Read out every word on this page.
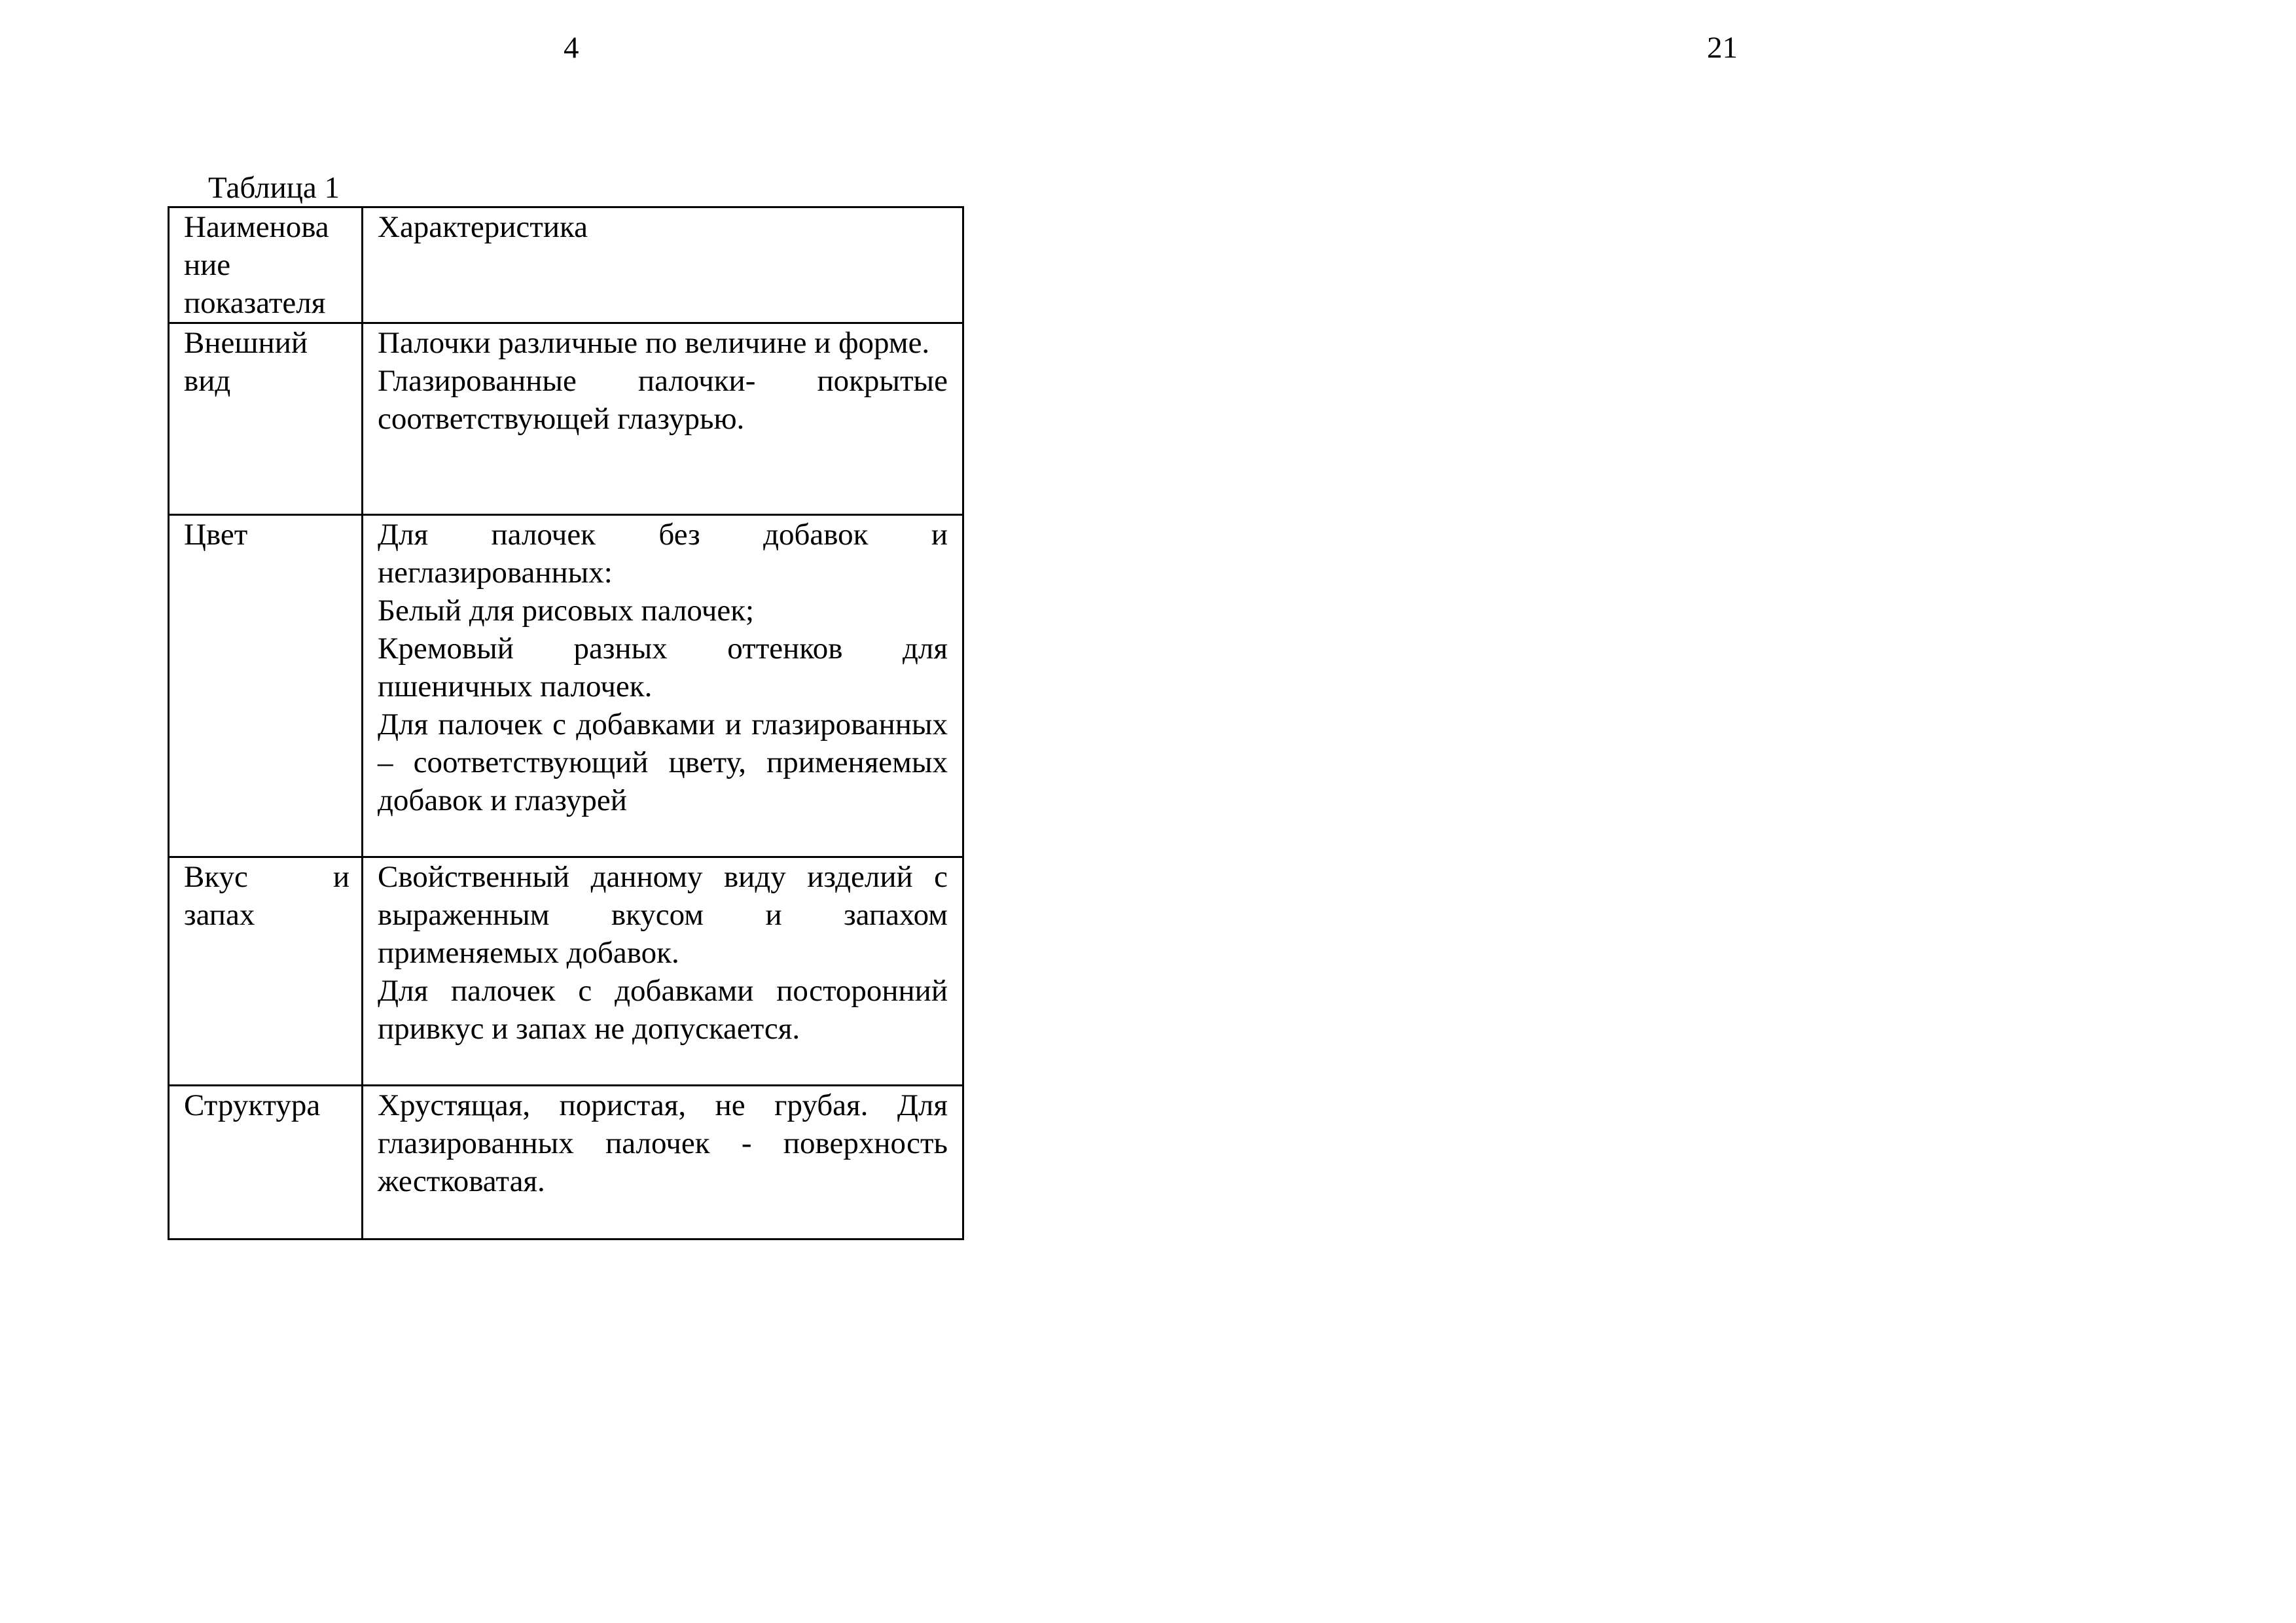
4	21
Таблица 1
Наименова
ние
показателя	Характеристика

Внешний вид	Палочки различные по величине и форме.

Глазированные палочки- покрытые соответствующей глазурью.

Цвет	Для палочек без добавок и неглазированных:

Белый для рисовых палочек;

Кремовый разных оттенков для пшеничных палочек.

Для палочек с добавками и глазированных – соответствующий цвету, применяемых добавок и глазурей

Вкус и запах	Свойственный данному виду изделий с выраженным вкусом и запахом применяемых добавок.

Для палочек с добавками посторонний привкус и запах не допускается.

Структура	Хрустящая, пористая, не грубая. Для глазированных палочек - поверхность жестковатая.
